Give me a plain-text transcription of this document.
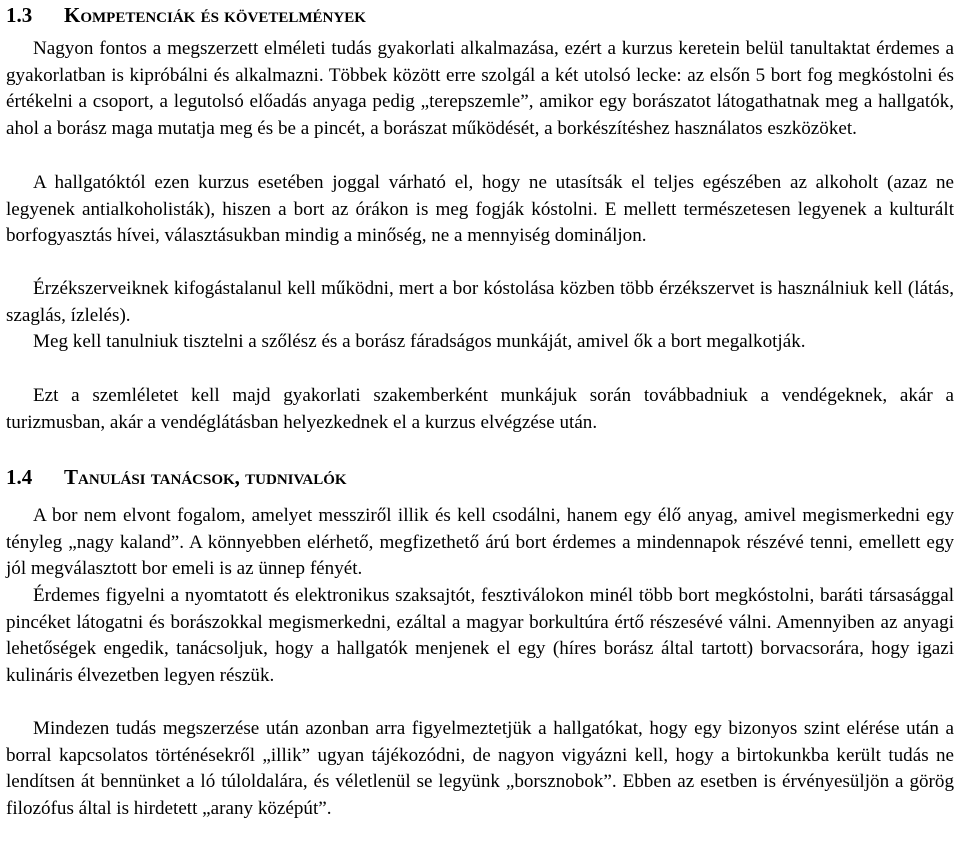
1.3 Kompetenciák és követelmények

Nagyon fontos a megszerzett elméleti tudás gyakorlati alkalmazása, ezért a kurzus keretein belül tanultaktat érdemes a gyakorlatban is kipróbálni és alkalmazni. Többek között erre szolgál a két utolsó lecke: az elsőn 5 bort fog megkóstolni és értékelni a csoport, a legutolsó előadás anyaga pedig „terepszemle”, amikor egy borászatot látogathatnak meg a hallgatók, ahol a borász maga mutatja meg és be a pincét, a borászat működését, a borkészítéshez használatos eszközöket.

A hallgatóktól ezen kurzus esetében joggal várható el, hogy ne utasítsák el teljes egészében az alkoholt (azaz ne legyenek antialkoholisták), hiszen a bort az órákon is meg fogják kóstolni. E mellett természetesen legyenek a kulturált borfogyasztás hívei, választásukban mindig a minőség, ne a mennyiség domináljon.

Érzékszerveiknek kifogástalanul kell működni, mert a bor kóstolása közben több érzékszervet is használniuk kell (látás, szaglás, ízlelés).

Meg kell tanulniuk tisztelni a szőlész és a borász fáradságos munkáját, amivel ők a bort megalkotják.

Ezt a szemléletet kell majd gyakorlati szakemberként munkájuk során továbbadniuk a vendégeknek, akár a turizmusban, akár a vendéglátásban helyezkednek el a kurzus elvégzése után.

1.4 Tanulási tanácsok, tudnivalók

A bor nem elvont fogalom, amelyet messziről illik és kell csodálni, hanem egy élő anyag, amivel megismerkedni egy tényleg „nagy kaland”. A könnyebben elérhető, megfizethető árú bort érdemes a mindennapok részévé tenni, emellett egy jól megválasztott bor emeli is az ünnep fényét.

Érdemes figyelni a nyomtatott és elektronikus szaksajtót, fesztiválokon minél több bort megkóstolni, baráti társasággal pincéket látogatni és borászokkal megismerkedni, ezáltal a magyar borkultúra értő részesévé válni. Amennyiben az anyagi lehetőségek engedik, tanácsoljuk, hogy a hallgatók menjenek el egy (híres borász által tartott) borvacsorára, hogy igazi kulináris élvezetben legyen részük.

Mindezen tudás megszerzése után azonban arra figyelmeztetjük a hallgatókat, hogy egy bizonyos szint elérése után a borral kapcsolatos történésekről „illik” ugyan tájékozódni, de nagyon vigyázni kell, hogy a birtokunkba került tudás ne lendítsen át bennünket a ló túloldalára, és véletlenül se legyünk „borsznobok”. Ebben az esetben is érvényesüljön a görög filozófus által is hirdetett „arany középút”.
